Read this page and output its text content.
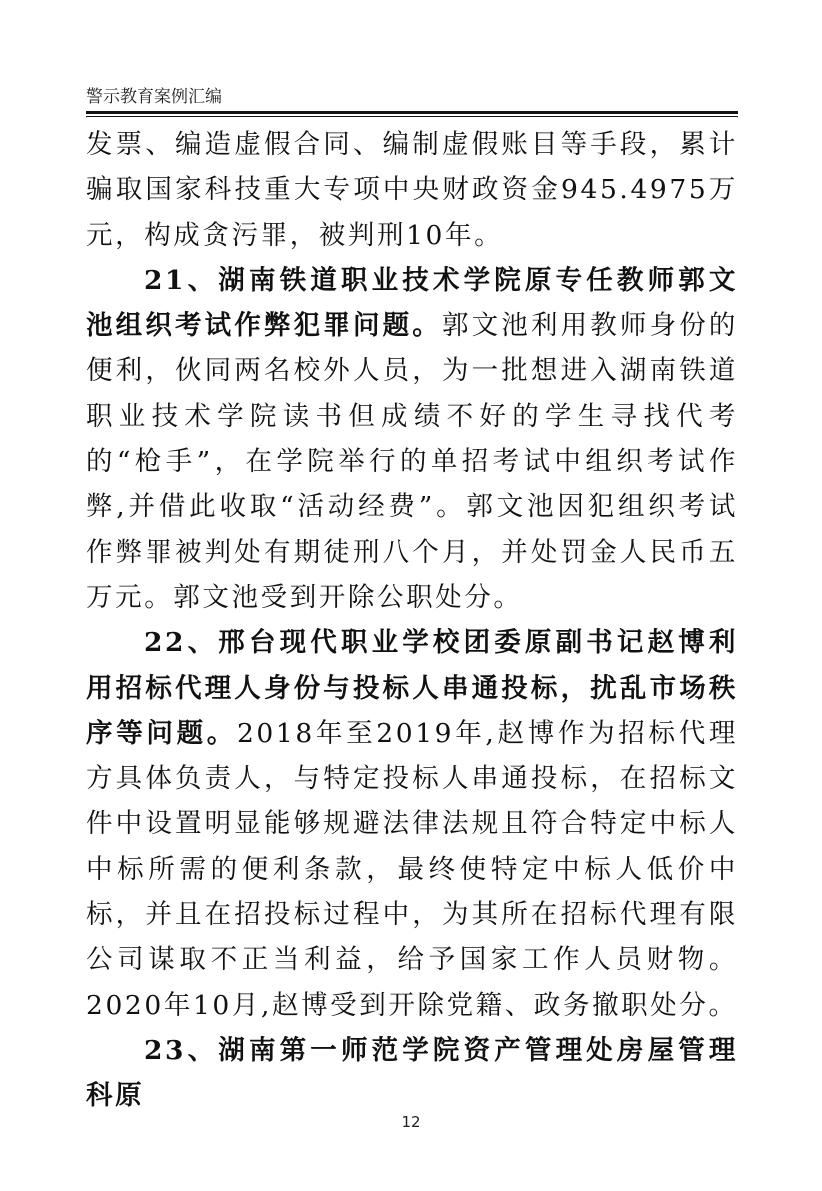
警示教育案例汇编

发票、编造虚假合同、编制虚假账目等手段，累计骗取国家科技重大专项中央财政资金945.4975万元，构成贪污罪，被判刑10年。

21、湖南铁道职业技术学院原专任教师郭文池组织考试作弊犯罪问题。郭文池利用教师身份的便利，伙同两名校外人员，为一批想进入湖南铁道职业技术学院读书但成绩不好的学生寻找代考的“枪手”，在学院举行的单招考试中组织考试作弊,并借此收取“活动经费”。郭文池因犯组织考试作弊罪被判处有期徒刑八个月，并处罚金人民币五万元。郭文池受到开除公职处分。

22、邢台现代职业学校团委原副书记赵博利用招标代理人身份与投标人串通投标，扰乱市场秩序等问题。2018年至2019年,赵博作为招标代理方具体负责人，与特定投标人串通投标，在招标文件中设置明显能够规避法律法规且符合特定中标人中标所需的便利条款，最终使特定中标人低价中标，并且在招投标过程中，为其所在招标代理有限公司谋取不正当利益，给予国家工作人员财物。2020年10月,赵博受到开除党籍、政务撤职处分。

23、湖南第一师范学院资产管理处房屋管理科原

12
